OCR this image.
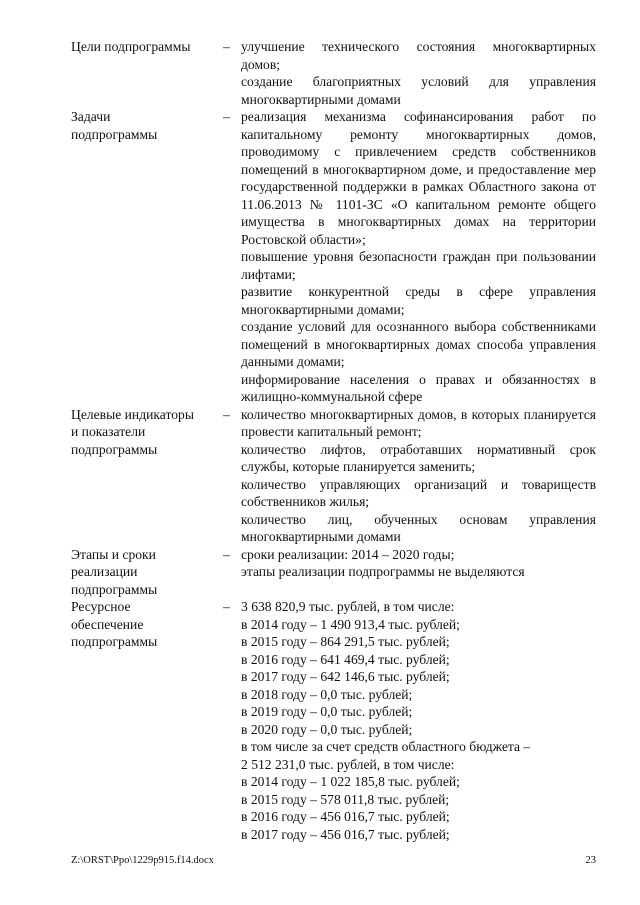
Цели подпрограммы	– улучшение технического состояния многоквартирных домов;

создание благоприятных условий для управления многоквартирными домами

Задачи
подпрограммы
– реализация механизма софинансирования работ по капитальному ремонту многоквартирных домов, проводимому с привлечением средств собственников помещений в многоквартирном доме, и предоставление мер государственной поддержки в рамках Областного закона от 11.06.2013 № 1101-ЗС «О капитальном ремонте общего имущества в многоквартирных домах на территории Ростовской области»;

повышение уровня безопасности граждан при пользовании лифтами;

развитие конкурентной среды в сфере управления многоквартирными домами;

создание условий для осознанного выбора собственниками помещений в многоквартирных домах способа управления данными домами;

информирование населения о правах и обязанностях в жилищно-коммунальной сфере

Целевые индикаторы
и показатели
подпрограммы
– количество многоквартирных домов, в которых планируется провести капитальный ремонт;

количество лифтов, отработавших нормативный срок службы, которые планируется заменить;

количество управляющих организаций и товариществ собственников жилья;

количество лиц, обученных основам управления многоквартирными домами

Этапы и сроки
реализации
подпрограммы
– сроки реализации: 2014 – 2020 годы;

этапы реализации подпрограммы не выделяются

Ресурсное
обеспечение
подпрограммы
– 3 638 820,9 тыс. рублей, в том числе:

в 2014 году – 1 490 913,4 тыс. рублей;

в 2015 году – 864 291,5 тыс. рублей;

в 2016 году – 641 469,4 тыс. рублей;

в 2017 году – 642 146,6 тыс. рублей;

в 2018 году – 0,0 тыс. рублей;

в 2019 году – 0,0 тыс. рублей;

в 2020 году – 0,0 тыс. рублей;

в том числе за счет средств областного бюджета –

2 512 231,0 тыс. рублей, в том числе:

в 2014 году – 1 022 185,8 тыс. рублей;

в 2015 году – 578 011,8 тыс. рублей;

в 2016 году – 456 016,7 тыс. рублей;

в 2017 году – 456 016,7 тыс. рублей;

Z:\ORST\Ppo\1229p915.f14.docx	23
